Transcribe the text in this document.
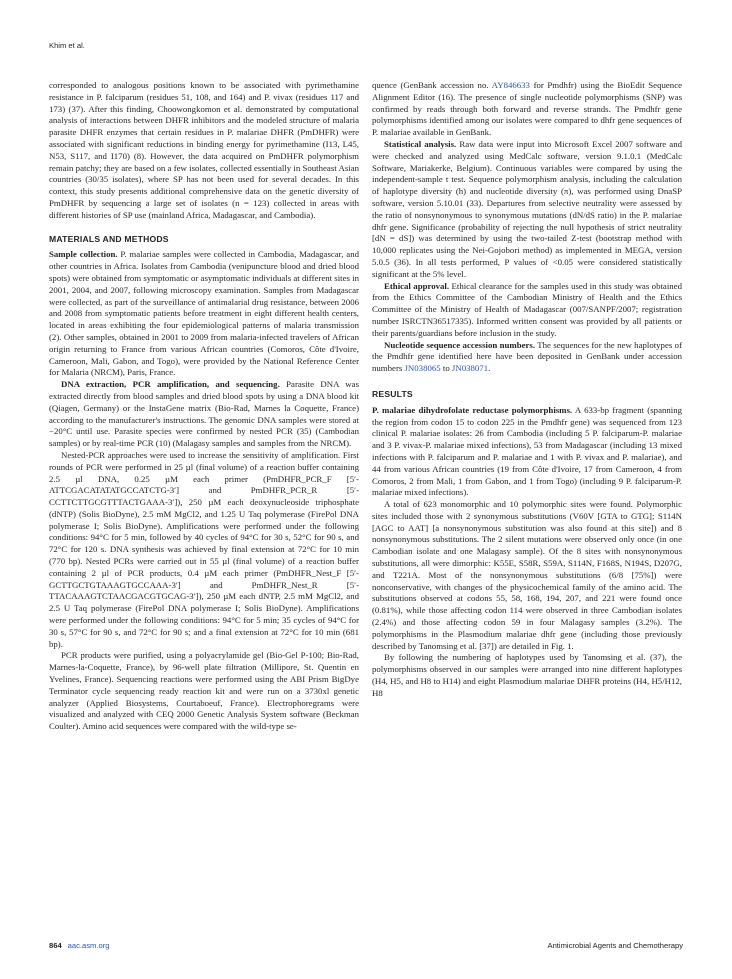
Khim et al.

corresponded to analogous positions known to be associated with pyrimethamine resistance in P. falciparum (residues 51, 108, and 164) and P. vivax (residues 117 and 173) (37). After this finding, Choowongkomon et al. demonstrated by computational analysis of interactions between DHFR inhibitors and the modeled structure of malaria parasite DHFR enzymes that certain residues in P. malariae DHFR (PmDHFR) were associated with significant reductions in binding energy for pyrimethamine (I13, L45, N53, S117, and I170) (8). However, the data acquired on PmDHFR polymorphism remain patchy; they are based on a few isolates, collected essentially in Southeast Asian countries (30/35 isolates), where SP has not been used for several decades. In this context, this study presents additional comprehensive data on the genetic diversity of PmDHFR by sequencing a large set of isolates (n = 123) collected in areas with different histories of SP use (mainland Africa, Madagascar, and Cambodia).

MATERIALS AND METHODS

Sample collection. P. malariae samples were collected in Cambodia, Madagascar, and other countries in Africa. Isolates from Cambodia (venipuncture blood and dried blood spots) were obtained from symptomatic or asymptomatic individuals at different sites in 2001, 2004, and 2007, following microscopy examination. Samples from Madagascar were collected, as part of the surveillance of antimalarial drug resistance, between 2006 and 2008 from symptomatic patients before treatment in eight different health centers, located in areas exhibiting the four epidemiological patterns of malaria transmission (2). Other samples, obtained in 2001 to 2009 from malaria-infected travelers of African origin returning to France from various African countries (Comoros, Côte d'Ivoire, Cameroon, Mali, Gabon, and Togo), were provided by the National Reference Center for Malaria (NRCM), Paris, France.

DNA extraction, PCR amplification, and sequencing. Parasite DNA was extracted directly from blood samples and dried blood spots by using a DNA blood kit (Qiagen, Germany) or the InstaGene matrix (Bio-Rad, Marnes la Coquette, France) according to the manufacturer's instructions. The genomic DNA samples were stored at −20°C until use. Parasite species were confirmed by nested PCR (35) (Cambodian samples) or by real-time PCR (10) (Malagasy samples and samples from the NRCM).

Nested-PCR approaches were used to increase the sensitivity of amplification. First rounds of PCR were performed in 25 µl (final volume) of a reaction buffer containing 2.5 µl DNA, 0.25 µM each primer (PmDHFR_PCR_F [5′-ATTCGACATATATGCCATCTG-3′] and PmDHFR_PCR_R [5′-CCTTCTTGCGTTTACTGAAA-3′]), 250 µM each deoxynucleoside triphosphate (dNTP) (Solis BioDyne), 2.5 mM MgCl2, and 1.25 U Taq polymerase (FirePol DNA polymerase I; Solis BioDyne). Amplifications were performed under the following conditions: 94°C for 5 min, followed by 40 cycles of 94°C for 30 s, 52°C for 90 s, and 72°C for 120 s. DNA synthesis was achieved by final extension at 72°C for 10 min (770 bp). Nested PCRs were carried out in 55 µl (final volume) of a reaction buffer containing 2 µl of PCR products, 0.4 µM each primer (PmDHFR_Nest_F [5′-GCTTGCTGTAAAGTGCCAAA-3′] and PmDHFR_Nest_R [5′-TTACAAAGTCTAACGACGTGCAG-3′]), 250 µM each dNTP, 2.5 mM MgCl2, and 2.5 U Taq polymerase (FirePol DNA polymerase I; Solis BioDyne). Amplifications were performed under the following conditions: 94°C for 5 min; 35 cycles of 94°C for 30 s, 57°C for 90 s, and 72°C for 90 s; and a final extension at 72°C for 10 min (681 bp).

PCR products were purified, using a polyacrylamide gel (Bio-Gel P-100; Bio-Rad, Marnes-la-Coquette, France), by 96-well plate filtration (Millipore, St. Quentin en Yvelines, France). Sequencing reactions were performed using the ABI Prism BigDye Terminator cycle sequencing ready reaction kit and were run on a 3730xl genetic analyzer (Applied Biosystems, Courtaboeuf, France). Electrophoregrams were visualized and analyzed with CEQ 2000 Genetic Analysis System software (Beckman Coulter). Amino acid sequences were compared with the wild-type se-

quence (GenBank accession no. AY846633 for Pmdhfr) using the BioEdit Sequence Alignment Editor (16). The presence of single nucleotide polymorphisms (SNP) was confirmed by reads through both forward and reverse strands. The Pmdhfr gene polymorphisms identified among our isolates were compared to dhfr gene sequences of P. malariae available in GenBank.

Statistical analysis. Raw data were input into Microsoft Excel 2007 software and were checked and analyzed using MedCalc software, version 9.1.0.1 (MedCalc Software, Mariakerke, Belgium). Continuous variables were compared by using the independent-sample t test. Sequence polymorphism analysis, including the calculation of haplotype diversity (h) and nucleotide diversity (π), was performed using DnaSP software, version 5.10.01 (33). Departures from selective neutrality were assessed by the ratio of nonsynonymous to synonymous mutations (dN/dS ratio) in the P. malariae dhfr gene. Significance (probability of rejecting the null hypothesis of strict neutrality [dN = dS]) was determined by using the two-tailed Z-test (bootstrap method with 10,000 replicates using the Nei-Gojobori method) as implemented in MEGA, version 5.0.5 (36). In all tests performed, P values of <0.05 were considered statistically significant at the 5% level.

Ethical approval. Ethical clearance for the samples used in this study was obtained from the Ethics Committee of the Cambodian Ministry of Health and the Ethics Committee of the Ministry of Health of Madagascar (007/SANPF/2007; registration number ISRCTN36517335). Informed written consent was provided by all patients or their parents/guardians before inclusion in the study.

Nucleotide sequence accession numbers. The sequences for the new haplotypes of the Pmdhfr gene identified here have been deposited in GenBank under accession numbers JN038065 to JN038071.

RESULTS

P. malariae dihydrofolate reductase polymorphisms. A 633-bp fragment (spanning the region from codon 15 to codon 225 in the Pmdhfr gene) was sequenced from 123 clinical P. malariae isolates: 26 from Cambodia (including 5 P. falciparum-P. malariae and 3 P. vivax-P. malariae mixed infections), 53 from Madagascar (including 13 mixed infections with P. falciparum and P. malariae and 1 with P. vivax and P. malariae), and 44 from various African countries (19 from Côte d'Ivoire, 17 from Cameroon, 4 from Comoros, 2 from Mali, 1 from Gabon, and 1 from Togo) (including 9 P. falciparum-P. malariae mixed infections).

A total of 623 monomorphic and 10 polymorphic sites were found. Polymorphic sites included those with 2 synonymous substitutions (V60V [GTA to GTG]; S114N [AGC to AAT] [a nonsynonymous substitution was also found at this site]) and 8 nonsynonymous substitutions. The 2 silent mutations were observed only once (in one Cambodian isolate and one Malagasy sample). Of the 8 sites with nonsynonymous substitutions, all were dimorphic: K55E, S58R, S59A, S114N, F168S, N194S, D207G, and T221A. Most of the nonsynonymous substitutions (6/8 [75%]) were nonconservative, with changes of the physicochemical family of the amino acid. The substitutions observed at codons 55, 58, 168, 194, 207, and 221 were found once (0.81%), while those affecting codon 114 were observed in three Cambodian isolates (2.4%) and those affecting codon 59 in four Malagasy samples (3.2%). The polymorphisms in the Plasmodium malariae dhfr gene (including those previously described by Tanomsing et al. [37]) are detailed in Fig. 1.

By following the numbering of haplotypes used by Tanomsing et al. (37), the polymorphisms observed in our samples were arranged into nine different haplotypes (H4, H5, and H8 to H14) and eight Plasmodium malariae DHFR proteins (H4, H5/H12, H8

864 aac.asm.org	Antimicrobial Agents and Chemotherapy
